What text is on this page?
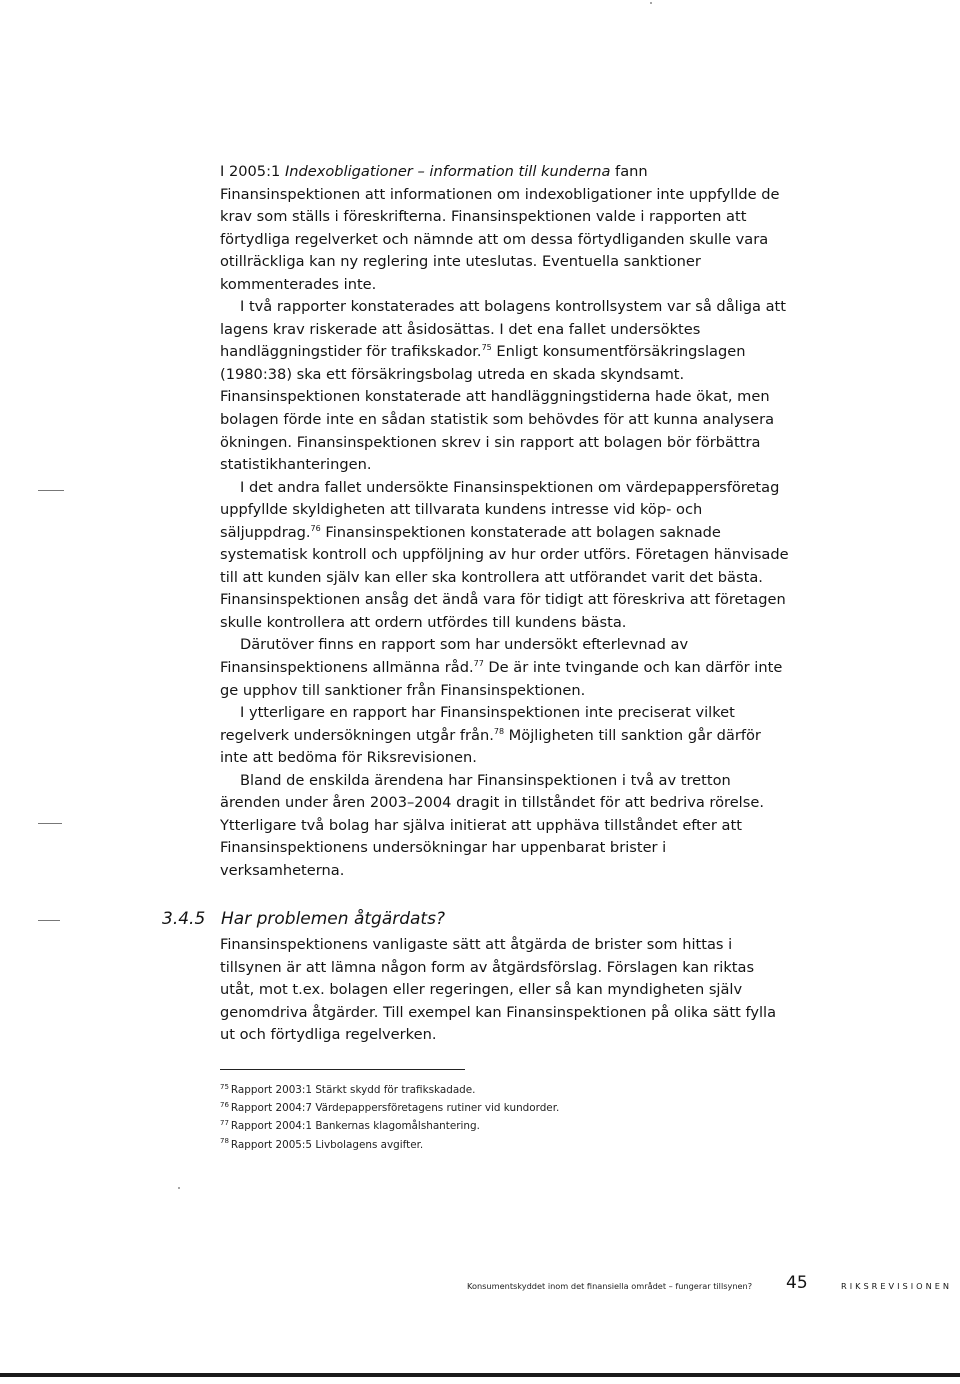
I 2005:1 Indexobligationer – information till kunderna fann Finansinspektionen att informationen om indexobligationer inte uppfyllde de krav som ställs i föreskrifterna. Finansinspektionen valde i rapporten att förtydliga regelverket och nämnde att om dessa förtydliganden skulle vara otillräckliga kan ny reglering inte uteslutas. Eventuella sanktioner kommenterades inte.

I två rapporter konstaterades att bolagens kontrollsystem var så dåliga att lagens krav riskerade att åsidosättas. I det ena fallet undersöktes handläggningstider för trafikskador.$^{75}$ Enligt konsumentförsäkringslagen (1980:38) ska ett försäkringsbolag utreda en skada skyndsamt. Finansinspektionen konstaterade att handläggningstiderna hade ökat, men bolagen förde inte en sådan statistik som behövdes för att kunna analysera ökningen. Finansinspektionen skrev i sin rapport att bolagen bör förbättra statistikhanteringen.

I det andra fallet undersökte Finansinspektionen om värdepappersföretag uppfyllde skyldigheten att tillvarata kundens intresse vid köp- och säljuppdrag.$^{76}$ Finansinspektionen konstaterade att bolagen saknade systematisk kontroll och uppföljning av hur order utförs. Företagen hänvisade till att kunden själv kan eller ska kontrollera att utförandet varit det bästa. Finansinspektionen ansåg det ändå vara för tidigt att föreskriva att företagen skulle kontrollera att ordern utfördes till kundens bästa.

Därutöver finns en rapport som har undersökt efterlevnad av Finansinspektionens allmänna råd.$^{77}$ De är inte tvingande och kan därför inte ge upphov till sanktioner från Finansinspektionen.

I ytterligare en rapport har Finansinspektionen inte preciserat vilket regelverk undersökningen utgår från.$^{78}$ Möjligheten till sanktion går därför inte att bedöma för Riksrevisionen.

Bland de enskilda ärendena har Finansinspektionen i två av tretton ärenden under åren 2003–2004 dragit in tillståndet för att bedriva rörelse. Ytterligare två bolag har själva initierat att upphäva tillståndet efter att Finansinspektionens undersökningar har uppenbarat brister i verksamheterna.

3.4.5 Har problemen åtgärdats?

Finansinspektionens vanligaste sätt att åtgärda de brister som hittas i tillsynen är att lämna någon form av åtgärdsförslag. Förslagen kan riktas utåt, mot t.ex. bolagen eller regeringen, eller så kan myndigheten själv genomdriva åtgärder. Till exempel kan Finansinspektionen på olika sätt fylla ut och förtydliga regelverken.

$^{75}$ Rapport 2003:1 Stärkt skydd för trafikskadade.

$^{76}$ Rapport 2004:7 Värdepappersföretagens rutiner vid kundorder.

$^{77}$ Rapport 2004:1 Bankernas klagomålshantering.

$^{78}$ Rapport 2005:5 Livbolagens avgifter.

Konsumentskyddet inom det finansiella området – fungerar tillsynen? 45	RIKSREVISIONEN
